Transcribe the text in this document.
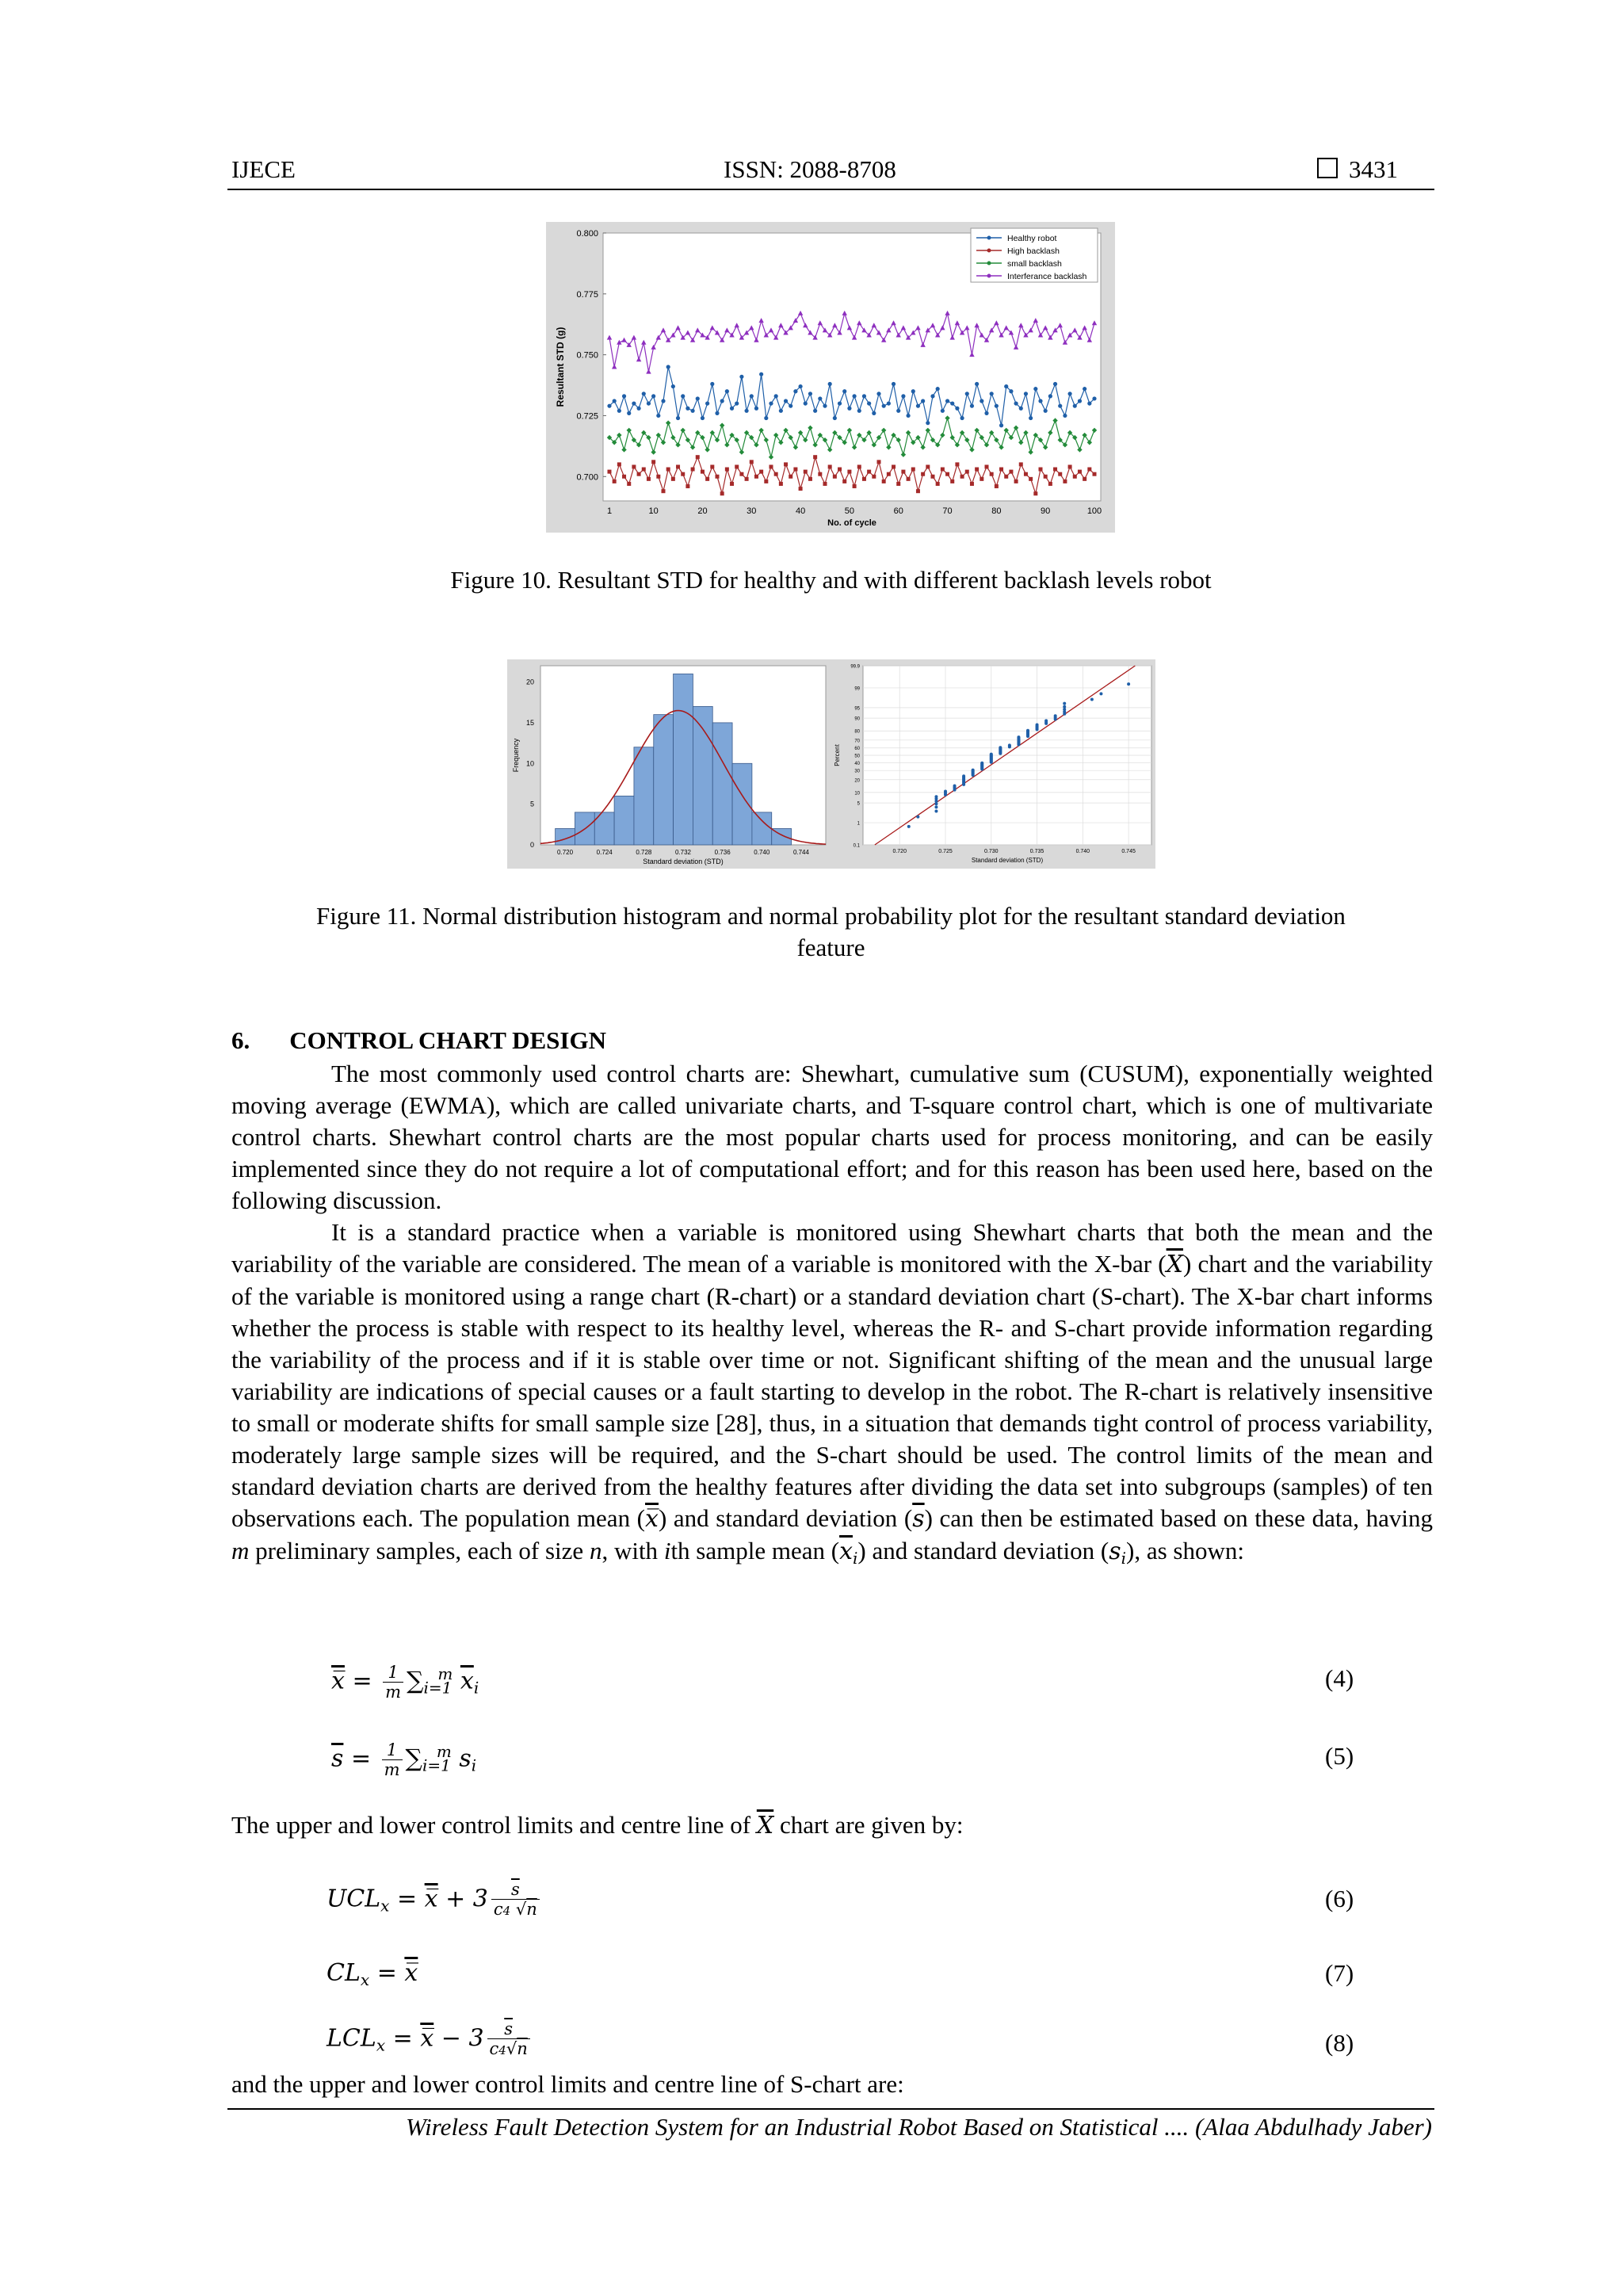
IJECE	ISSN: 2088-8708	3431
0.800
0.775
0.750
0.725
0.700
1	10	20	30	40	50	60	70	80	90	100
No. of cycle
Resultant STD (g)
Healthy robot
High backlash
small backlash
Interferance backlash
Figure 10. Resultant STD for healthy and with different backlash levels robot
0
5
10
15
20
0.720	0.724	0.728	0.732	0.736	0.740	0.744
Standard deviation (STD)
Frequency
99.9
99
95
90
80
70
60
50
40
30
20
10
5
1
0.1
0.720	0.725	0.730	0.735	0.740	0.745
Standard deviation (STD)
Percent
Figure 11. Normal distribution histogram and normal probability plot for the resultant standard deviation
feature
6. CONTROL CHART DESIGN
The most commonly used control charts are: Shewhart, cumulative sum (CUSUM), exponentially weighted moving average (EWMA), which are called univariate charts, and T-square control chart, which is one of multivariate control charts. Shewhart control charts are the most popular charts used for process monitoring, and can be easily implemented since they do not require a lot of computational effort; and for this reason has been used here, based on the following discussion.
It is a standard practice when a variable is monitored using Shewhart charts that both the mean and the variability of the variable are considered. The mean of a variable is monitored with the X-bar $(\overline{X})$ chart and the variability of the variable is monitored using a range chart (R-chart) or a standard deviation chart (S-chart). The X-bar chart informs whether the process is stable with respect to its healthy level, whereas the R- and S-chart provide information regarding the variability of the process and if it is stable over time or not. Significant shifting of the mean and the unusual large variability are indications of special causes or a fault starting to develop in the robot. The R-chart is relatively insensitive to small or moderate shifts for small sample size [28], thus, in a situation that demands tight control of process variability, moderately large sample sizes will be required, and the S-chart should be used. The control limits of the mean and standard deviation charts are derived from the healthy features after dividing the data set into subgroups (samples) of ten observations each. The population mean (x̅) and standard deviation $(\overline{s})$ can then be estimated based on these data, having m preliminary samples, each of size n, with ith sample mean $(\overline{x}_i)$ and standard deviation $(s_i)$, as shown:
x̅ = $\frac{1}{m} \sum_{i=1}^m$ $\overline{x}_i$	(4)
$\overline{s} = \frac{1}{m} \sum_{i=1}^m$ $s_i$	(5)
The upper and lower control limits and centre line of $\overline{X}$ chart are given by:
$UCL_x$ = x̅ + $3 \frac{\overline{s}}{c4 √n}$	(6)
$CL_x$ = x̅	(7)
$LCL_x$ = x̅ − $3 \frac{\overline{s}}{c4√n}$	(8)
and the upper and lower control limits and centre line of S-chart are:
Wireless Fault Detection System for an Industrial Robot Based on Statistical .... (Alaa Abdulhady Jaber)
